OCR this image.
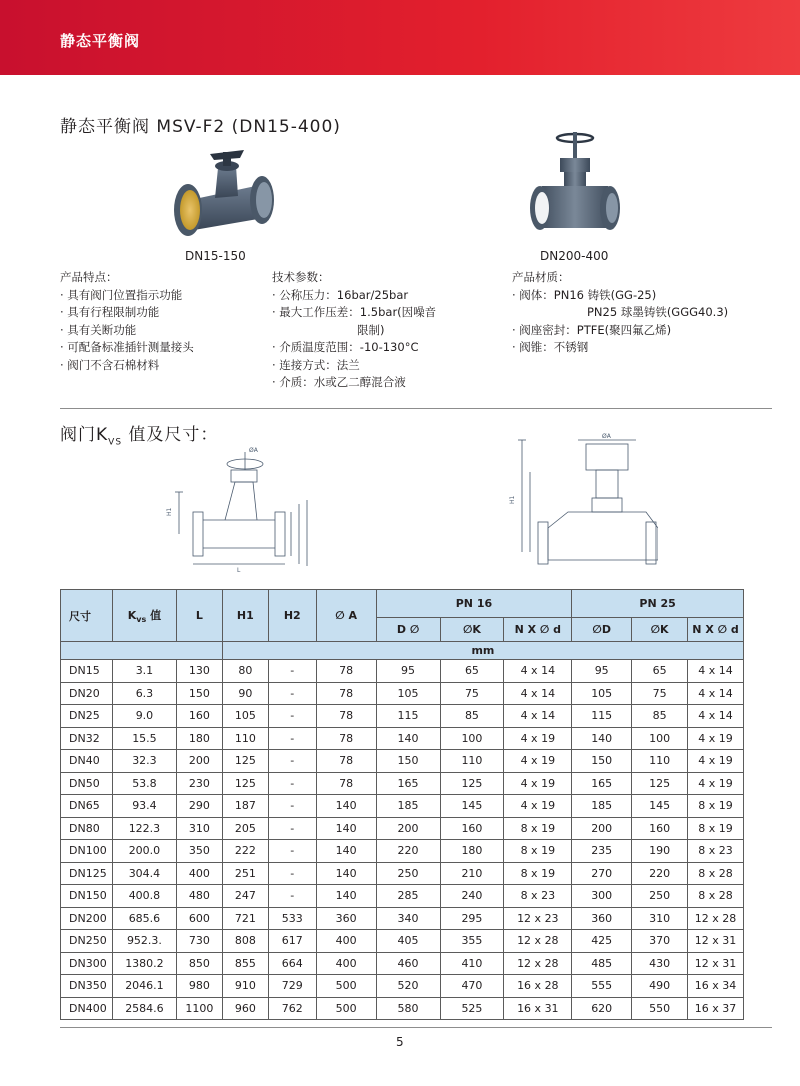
静态平衡阀
静态平衡阀 MSV-F2 (DN15-400)
DN15-150	DN200-400
产品特点：
· 具有阀门位置指示功能
· 具有行程限制功能
· 具有关断功能
· 可配备标准插针测量接头
· 阀门不含石棉材料
技术参数：
· 公称压力：16bar/25bar
· 最大工作压差：1.5bar(因噪音
限制)
· 介质温度范围：-10-130°C
· 连接方式：法兰
· 介质：水或乙二醇混合液
产品材质：
· 阀体：PN16 铸铁(GG-25)
PN25 球墨铸铁(GGG40.3)
· 阀座密封：PTFE(聚四氟乙烯)
· 阀锥：不锈钢
阀门$K_{VS}$ 值及尺寸：
H1
L
ØA
H1
ØA
尺寸	$K_{vs}$ 值	L	H1	H2	∅ A	PN 16			PN 25		
						D ∅	∅K	N X ∅ d	∅D	∅K	N X ∅ d
			mm								
DN15	3.1	130	80	-	78	95	65	4 x 14	95	65	4 x 14
DN20	6.3	150	90	-	78	105	75	4 x 14	105	75	4 x 14
DN25	9.0	160	105	-	78	115	85	4 x 14	115	85	4 x 14
DN32	15.5	180	110	-	78	140	100	4 x 19	140	100	4 x 19
DN40	32.3	200	125	-	78	150	110	4 x 19	150	110	4 x 19
DN50	53.8	230	125	-	78	165	125	4 x 19	165	125	4 x 19
DN65	93.4	290	187	-	140	185	145	4 x 19	185	145	8 x 19
DN80	122.3	310	205	-	140	200	160	8 x 19	200	160	8 x 19
DN100	200.0	350	222	-	140	220	180	8 x 19	235	190	8 x 23
DN125	304.4	400	251	-	140	250	210	8 x 19	270	220	8 x 28
DN150	400.8	480	247	-	140	285	240	8 x 23	300	250	8 x 28
DN200	685.6	600	721	533	360	340	295	12 x 23	360	310	12 x 28
DN250	952.3.	730	808	617	400	405	355	12 x 28	425	370	12 x 31
DN300	1380.2	850	855	664	400	460	410	12 x 28	485	430	12 x 31
DN350	2046.1	980	910	729	500	520	470	16 x 28	555	490	16 x 34
DN400	2584.6	1100	960	762	500	580	525	16 x 31	620	550	16 x 37
5
